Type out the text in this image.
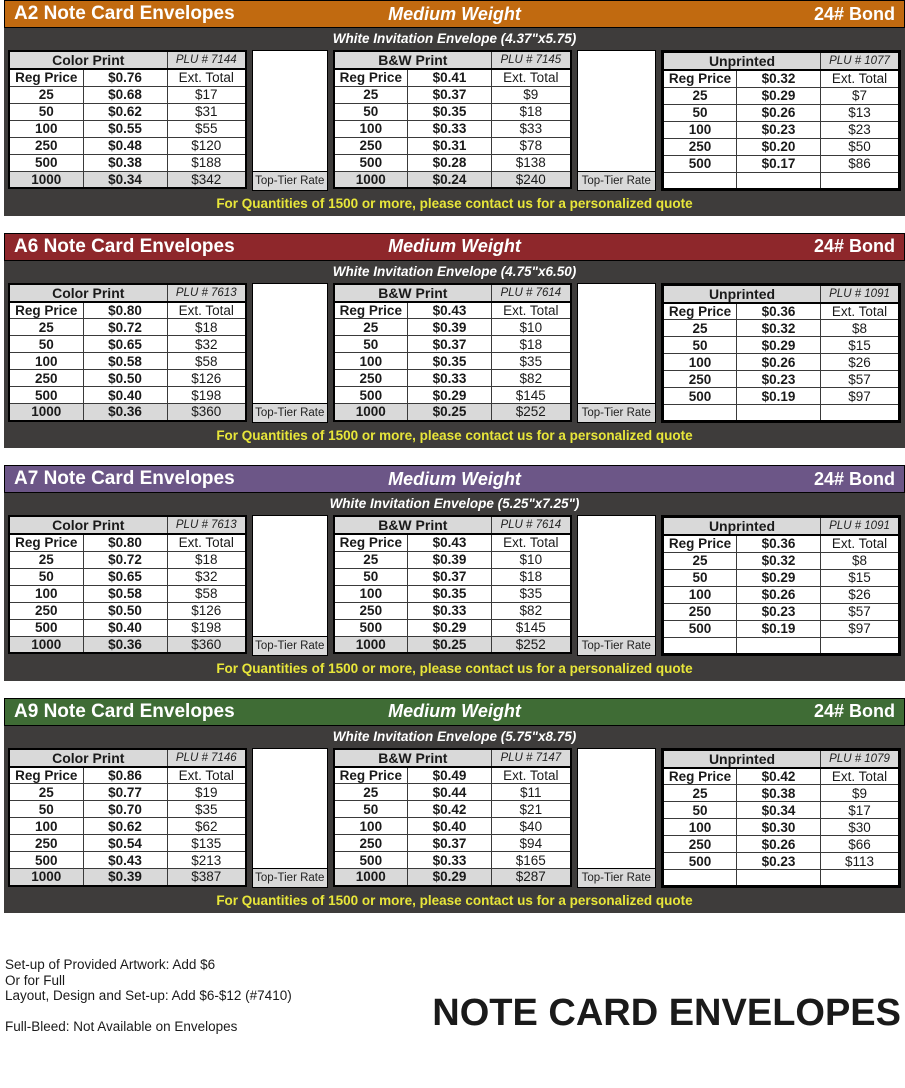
A2 Note Card Envelopes	Medium Weight	24# Bond
White Invitation Envelope (4.37"x5.75)
Color Print		PLU # 7144
Reg Price	$0.76	Ext. Total
25	$0.68	$17
50	$0.62	$31
100	$0.55	$55
250	$0.48	$120
500	$0.38	$188
1000	$0.34	$342	Top-Tier Rate
B&W Print		PLU # 7145
Reg Price	$0.41	Ext. Total
25	$0.37	$9
50	$0.35	$18
100	$0.33	$33
250	$0.31	$78
500	$0.28	$138
1000	$0.24	$240	Top-Tier Rate
Unprinted		PLU # 1077
Reg Price	$0.32	Ext. Total
25	$0.29	$7
50	$0.26	$13
100	$0.23	$23
250	$0.20	$50
500	$0.17	$86

For Quantities of 1500 or more, please contact us for a personalized quote
A6 Note Card Envelopes	Medium Weight	24# Bond
White Invitation Envelope (4.75"x6.50)
Color Print		PLU # 7613
Reg Price	$0.80	Ext. Total
25	$0.72	$18
50	$0.65	$32
100	$0.58	$58
250	$0.50	$126
500	$0.40	$198
1000	$0.36	$360	Top-Tier Rate
B&W Print		PLU # 7614
Reg Price	$0.43	Ext. Total
25	$0.39	$10
50	$0.37	$18
100	$0.35	$35
250	$0.33	$82
500	$0.29	$145
1000	$0.25	$252	Top-Tier Rate
Unprinted		PLU # 1091
Reg Price	$0.36	Ext. Total
25	$0.32	$8
50	$0.29	$15
100	$0.26	$26
250	$0.23	$57
500	$0.19	$97

For Quantities of 1500 or more, please contact us for a personalized quote
A7 Note Card Envelopes	Medium Weight	24# Bond
White Invitation Envelope (5.25"x7.25")
Color Print		PLU # 7613
Reg Price	$0.80	Ext. Total
25	$0.72	$18
50	$0.65	$32
100	$0.58	$58
250	$0.50	$126
500	$0.40	$198
1000	$0.36	$360	Top-Tier Rate
B&W Print		PLU # 7614
Reg Price	$0.43	Ext. Total
25	$0.39	$10
50	$0.37	$18
100	$0.35	$35
250	$0.33	$82
500	$0.29	$145
1000	$0.25	$252	Top-Tier Rate
Unprinted		PLU # 1091
Reg Price	$0.36	Ext. Total
25	$0.32	$8
50	$0.29	$15
100	$0.26	$26
250	$0.23	$57
500	$0.19	$97

For Quantities of 1500 or more, please contact us for a personalized quote
A9 Note Card Envelopes	Medium Weight	24# Bond
White Invitation Envelope (5.75"x8.75)
Color Print		PLU # 7146
Reg Price	$0.86	Ext. Total
25	$0.77	$19
50	$0.70	$35
100	$0.62	$62
250	$0.54	$135
500	$0.43	$213
1000	$0.39	$387	Top-Tier Rate
B&W Print		PLU # 7147
Reg Price	$0.49	Ext. Total
25	$0.44	$11
50	$0.42	$21
100	$0.40	$40
250	$0.37	$94
500	$0.33	$165
1000	$0.29	$287	Top-Tier Rate
Unprinted		PLU # 1079
Reg Price	$0.42	Ext. Total
25	$0.38	$9
50	$0.34	$17
100	$0.30	$30
250	$0.26	$66
500	$0.23	$113

For Quantities of 1500 or more, please contact us for a personalized quote
Set-up of Provided Artwork: Add $6
Or for Full
Layout, Design and Set-up: Add $6-$12 (#7410)
Full-Bleed: Not Available on Envelopes	NOTE CARD ENVELOPES
